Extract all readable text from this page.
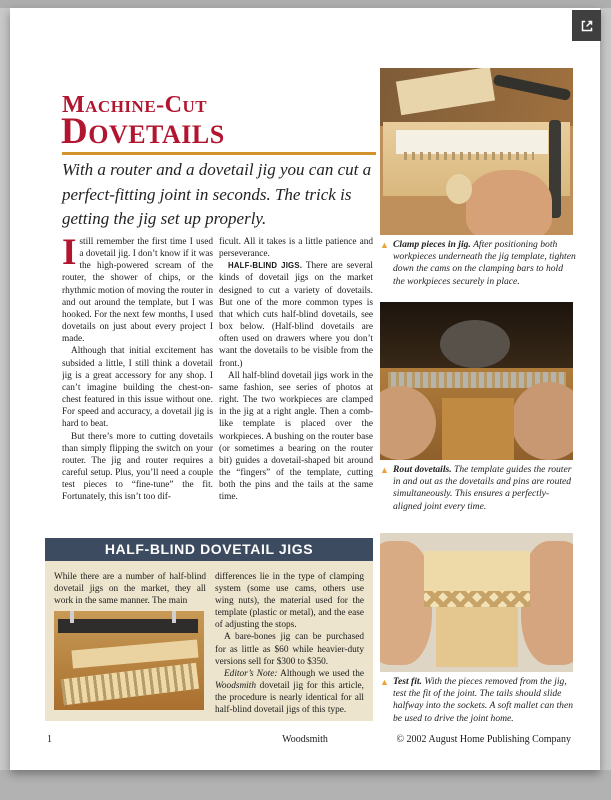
Machine-Cut
Dovetails
With a router and a dovetail jig you can cut a perfect-fitting joint in seconds. The trick is getting the jig set up properly.

Istill remember the first time I used a dovetail jig. I don’t know if it was the high-powered scream of the router, the shower of chips, or the rhythmic motion of moving the router in and out around the template, but I was hooked. For the next few months, I used dovetails on just about every project I made.

Although that initial excitement has subsided a little, I still think a dovetail jig is a great accessory for any shop. I can’t imagine building the chest-on-chest featured in this issue without one. For speed and accuracy, a dovetail jig is hard to beat.

But there’s more to cutting dovetails than simply flipping the switch on your router. The jig and router requires a careful setup. Plus, you’ll need a couple test pieces to “fine-tune” the fit. Fortunately, this isn’t too dif-

ficult. All it takes is a little patience and perseverance.

HALF-BLIND JIGS. There are several kinds of dovetail jigs on the market designed to cut a variety of dovetails. But one of the more common types is that which cuts half-blind dovetails, see box below. (Half-blind dovetails are often used on drawers where you don’t want the dovetails to be visible from the front.)

All half-blind dovetail jigs work in the same fashion, see series of photos at right. The two workpieces are clamped in the jig at a right angle. Then a comb-like template is placed over the workpieces. A bushing on the router base (or sometimes a bearing on the router bit) guides a dovetail-shaped bit around the “fingers” of the template, cutting both the pins and the tails at the same time.

▲ Clamp pieces in jig. After positioning both workpieces underneath the jig template, tighten down the cams on the clamping bars to hold the workpieces securely in place.
▲ Rout dovetails. The template guides the router in and out as the dovetails and pins are routed simultaneously. This ensures a perfectly-aligned joint every time.
▲ Test fit. With the pieces removed from the jig, test the fit of the joint. The tails should slide halfway into the sockets. A soft mallet can then be used to drive the joint home.
HALF-BLIND DOVETAIL JIGS

While there are a number of half-blind dovetail jigs on the market, they all work in the same manner. The main

differences lie in the type of clamping system (some use cams, others use wing nuts), the material used for the template (plastic or metal), and the ease of adjusting the stops.

A bare-bones jig can be purchased for as little as $60 while heavier-duty versions sell for $300 to $350.

Editor’s Note: Although we used the Woodsmith dovetail jig for this article, the procedure is nearly identical for all half-blind dovetail jigs of this type.

1	Woodsmith	© 2002 August Home Publishing Company
